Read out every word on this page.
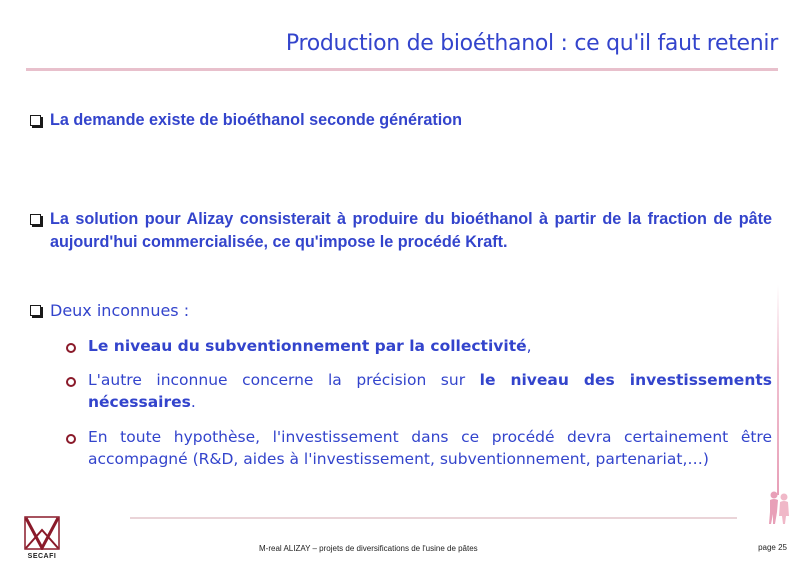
Production de bioéthanol : ce qu'il faut retenir
La demande existe de bioéthanol seconde génération
La solution pour Alizay consisterait à produire du bioéthanol à partir de la fraction de pâte aujourd'hui commercialisée, ce qu'impose le procédé Kraft.
Deux inconnues :
Le niveau du subventionnement par la collectivité,
L'autre inconnue concerne la précision sur le niveau des investissements nécessaires.
En toute hypothèse, l'investissement dans ce procédé devra certainement être accompagné (R&D, aides à l'investissement, subventionnement, partenariat,…)
SECAFI
M-real ALIZAY – projets de diversifications de l'usine de pâtes	page 25
